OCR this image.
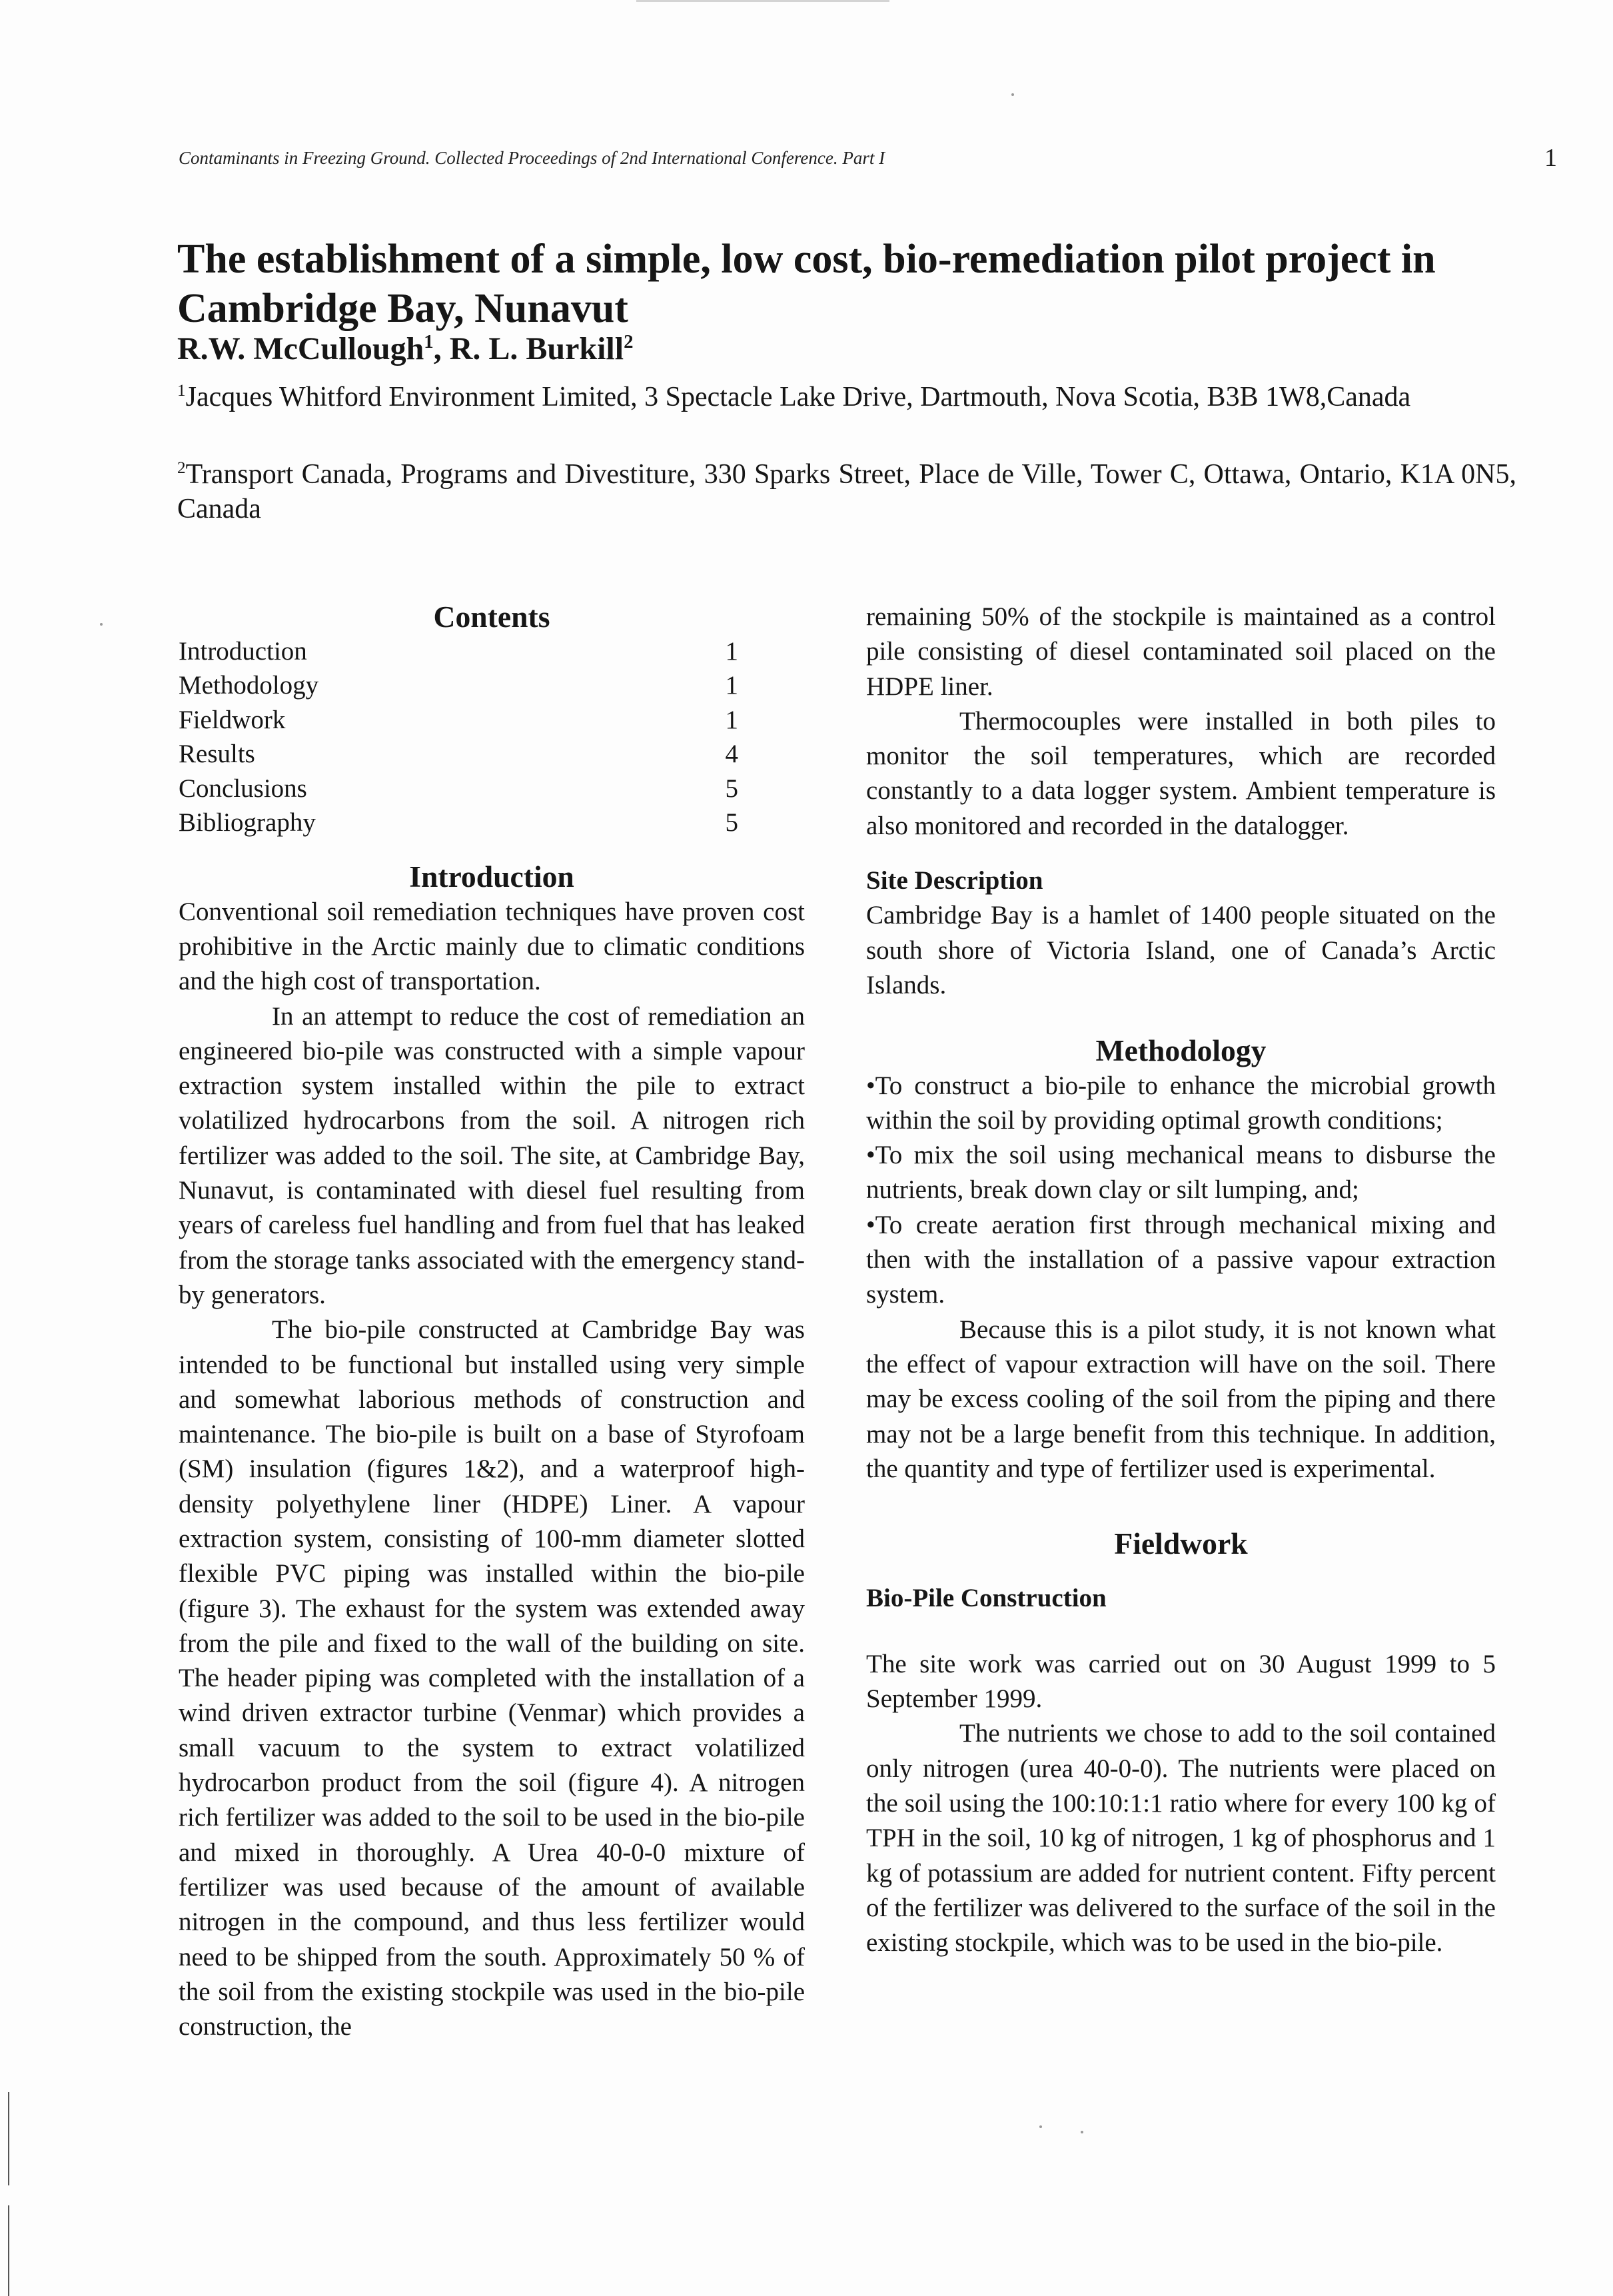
Contaminants in Freezing Ground. Collected Proceedings of 2nd International Conference. Part I	1
The establishment of a simple, low cost, bio-remediation pilot project in Cambridge Bay, Nunavut
R.W. McCullough$^1$, R. L. Burkill$^2$

$^1$Jacques Whitford Environment Limited, 3 Spectacle Lake Drive, Dartmouth, Nova Scotia, B3B 1W8,Canada

$^2$Transport Canada, Programs and Divestiture, 330 Sparks Street, Place de Ville, Tower C, Ottawa, Ontario, K1A 0N5, Canada

Contents
Introduction	1
Methodology	1
Fieldwork	1
Results	4
Conclusions	5
Bibliography	5
Introduction

Conventional soil remediation techniques have proven cost prohibitive in the Arctic mainly due to climatic conditions and the high cost of transportation.

In an attempt to reduce the cost of remediation an engineered bio-pile was constructed with a simple vapour extraction system installed within the pile to extract volatilized hydrocarbons from the soil. A nitrogen rich fertilizer was added to the soil. The site, at Cambridge Bay, Nunavut, is contaminated with diesel fuel resulting from years of careless fuel handling and from fuel that has leaked from the storage tanks associated with the emergency stand-by generators.

The bio-pile constructed at Cambridge Bay was intended to be functional but installed using very simple and somewhat laborious methods of construction and maintenance. The bio-pile is built on a base of Styrofoam (SM) insulation (figures 1&2), and a waterproof high-density polyethylene liner (HDPE) Liner. A vapour extraction system, consisting of 100-mm diameter slotted flexible PVC piping was installed within the bio-pile (figure 3). The exhaust for the system was extended away from the pile and fixed to the wall of the building on site. The header piping was completed with the installation of a wind driven extractor turbine (Venmar) which provides a small vacuum to the system to extract volatilized hydrocarbon product from the soil (figure 4). A nitrogen rich fertilizer was added to the soil to be used in the bio-pile and mixed in thoroughly. A Urea 40-0-0 mixture of fertilizer was used because of the amount of available nitrogen in the compound, and thus less fertilizer would need to be shipped from the south. Approximately 50 % of the soil from the existing stockpile was used in the bio-pile construction, the

remaining 50% of the stockpile is maintained as a control pile consisting of diesel contaminated soil placed on the HDPE liner.

Thermocouples were installed in both piles to monitor the soil temperatures, which are recorded constantly to a data logger system. Ambient temperature is also monitored and recorded in the datalogger.

Site Description

Cambridge Bay is a hamlet of 1400 people situated on the south shore of Victoria Island, one of Canada’s Arctic Islands.

Methodology

•To construct a bio-pile to enhance the microbial growth within the soil by providing optimal growth conditions;

•To mix the soil using mechanical means to disburse the nutrients, break down clay or silt lumping, and;

•To create aeration first through mechanical mixing and then with the installation of a passive vapour extraction system.

Because this is a pilot study, it is not known what the effect of vapour extraction will have on the soil. There may be excess cooling of the soil from the piping and there may not be a large benefit from this technique. In addition, the quantity and type of fertilizer used is experimental.

Fieldwork
Bio-Pile Construction

The site work was carried out on 30 August 1999 to 5 September 1999.

The nutrients we chose to add to the soil contained only nitrogen (urea 40-0-0). The nutrients were placed on the soil using the 100:10:1:1 ratio where for every 100 kg of TPH in the soil, 10 kg of nitrogen, 1 kg of phosphorus and 1 kg of potassium are added for nutrient content. Fifty percent of the fertilizer was delivered to the surface of the soil in the existing stockpile, which was to be used in the bio-pile.
